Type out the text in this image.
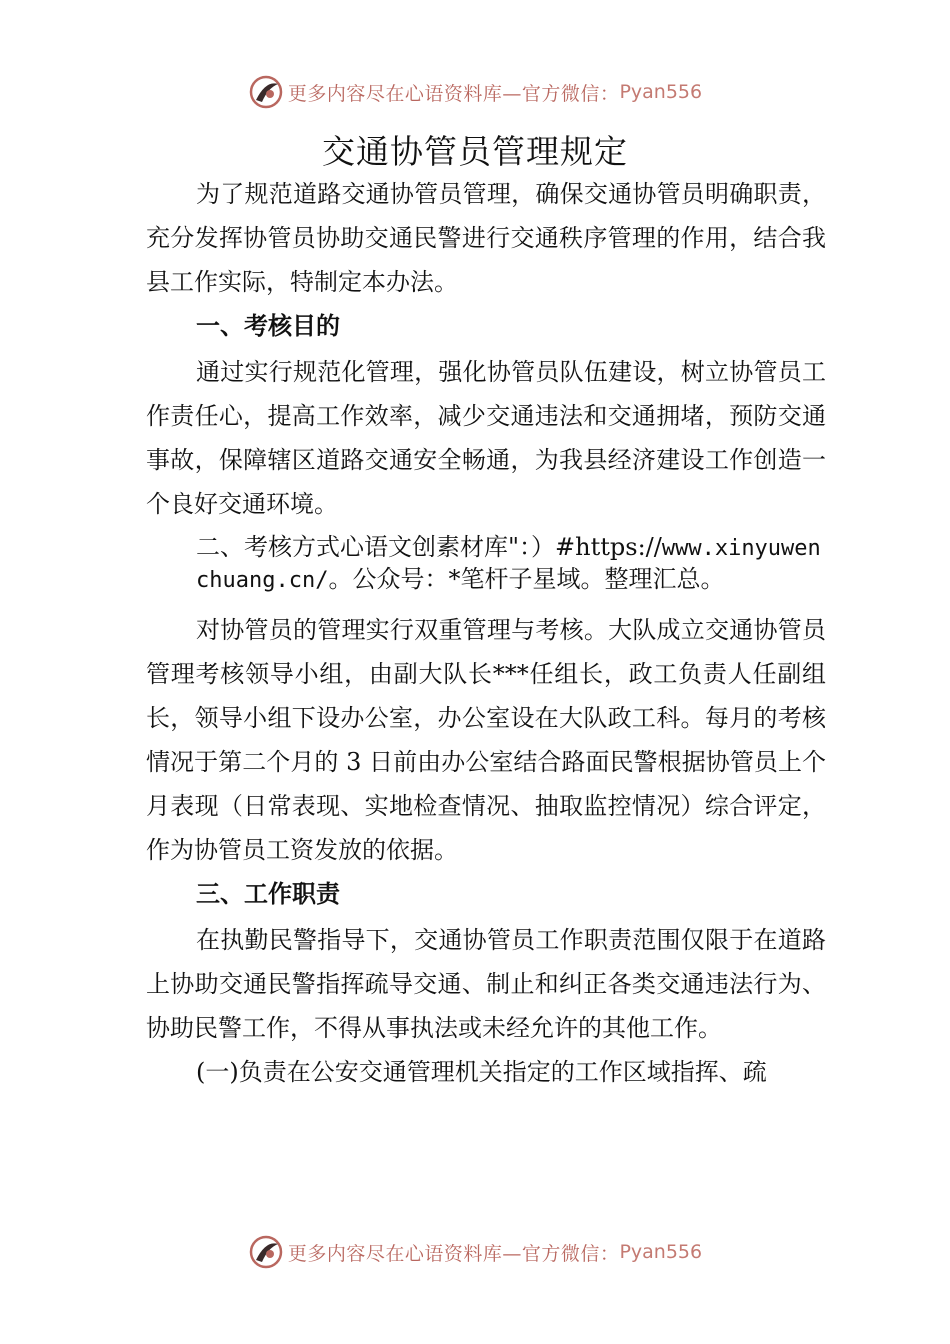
更多内容尽在心语资料库— 官方微信： Pyan556
交通协管员管理规定

为了规范道路交通协管员管理，确保交通协管员明确职责，充分发挥协管员协助交通民警进行交通秩序管理的作用，结合我县工作实际，特制定本办法。

一、考核目的

通过实行规范化管理，强化协管员队伍建设，树立协管员工作责任心，提高工作效率，减少交通违法和交通拥堵，预防交通事故，保障辖区道路交通安全畅通，为我县经济建设工作创造一个良好交通环境。

二、考核方式心语文创素材库"：）#https://www.xinyuwenchuang.cn/。公众号：*笔杆子星域。整理汇总。

对协管员的管理实行双重管理与考核。大队成立交通协管员管理考核领导小组，由副大队长***任组长，政工负责人任副组长，领导小组下设办公室，办公室设在大队政工科。每月的考核情况于第二个月的 3 日前由办公室结合路面民警根据协管员上个月表现（日常表现、实地检查情况、抽取监控情况）综合评定，作为协管员工资发放的依据。

三、工作职责

在执勤民警指导下，交通协管员工作职责范围仅限于在道路上协助交通民警指挥疏导交通、制止和纠正各类交通违法行为、协助民警工作，不得从事执法或未经允许的其他工作。

(一)负责在公安交通管理机关指定的工作区域指挥、疏

更多内容尽在心语资料库— 官方微信： Pyan556
